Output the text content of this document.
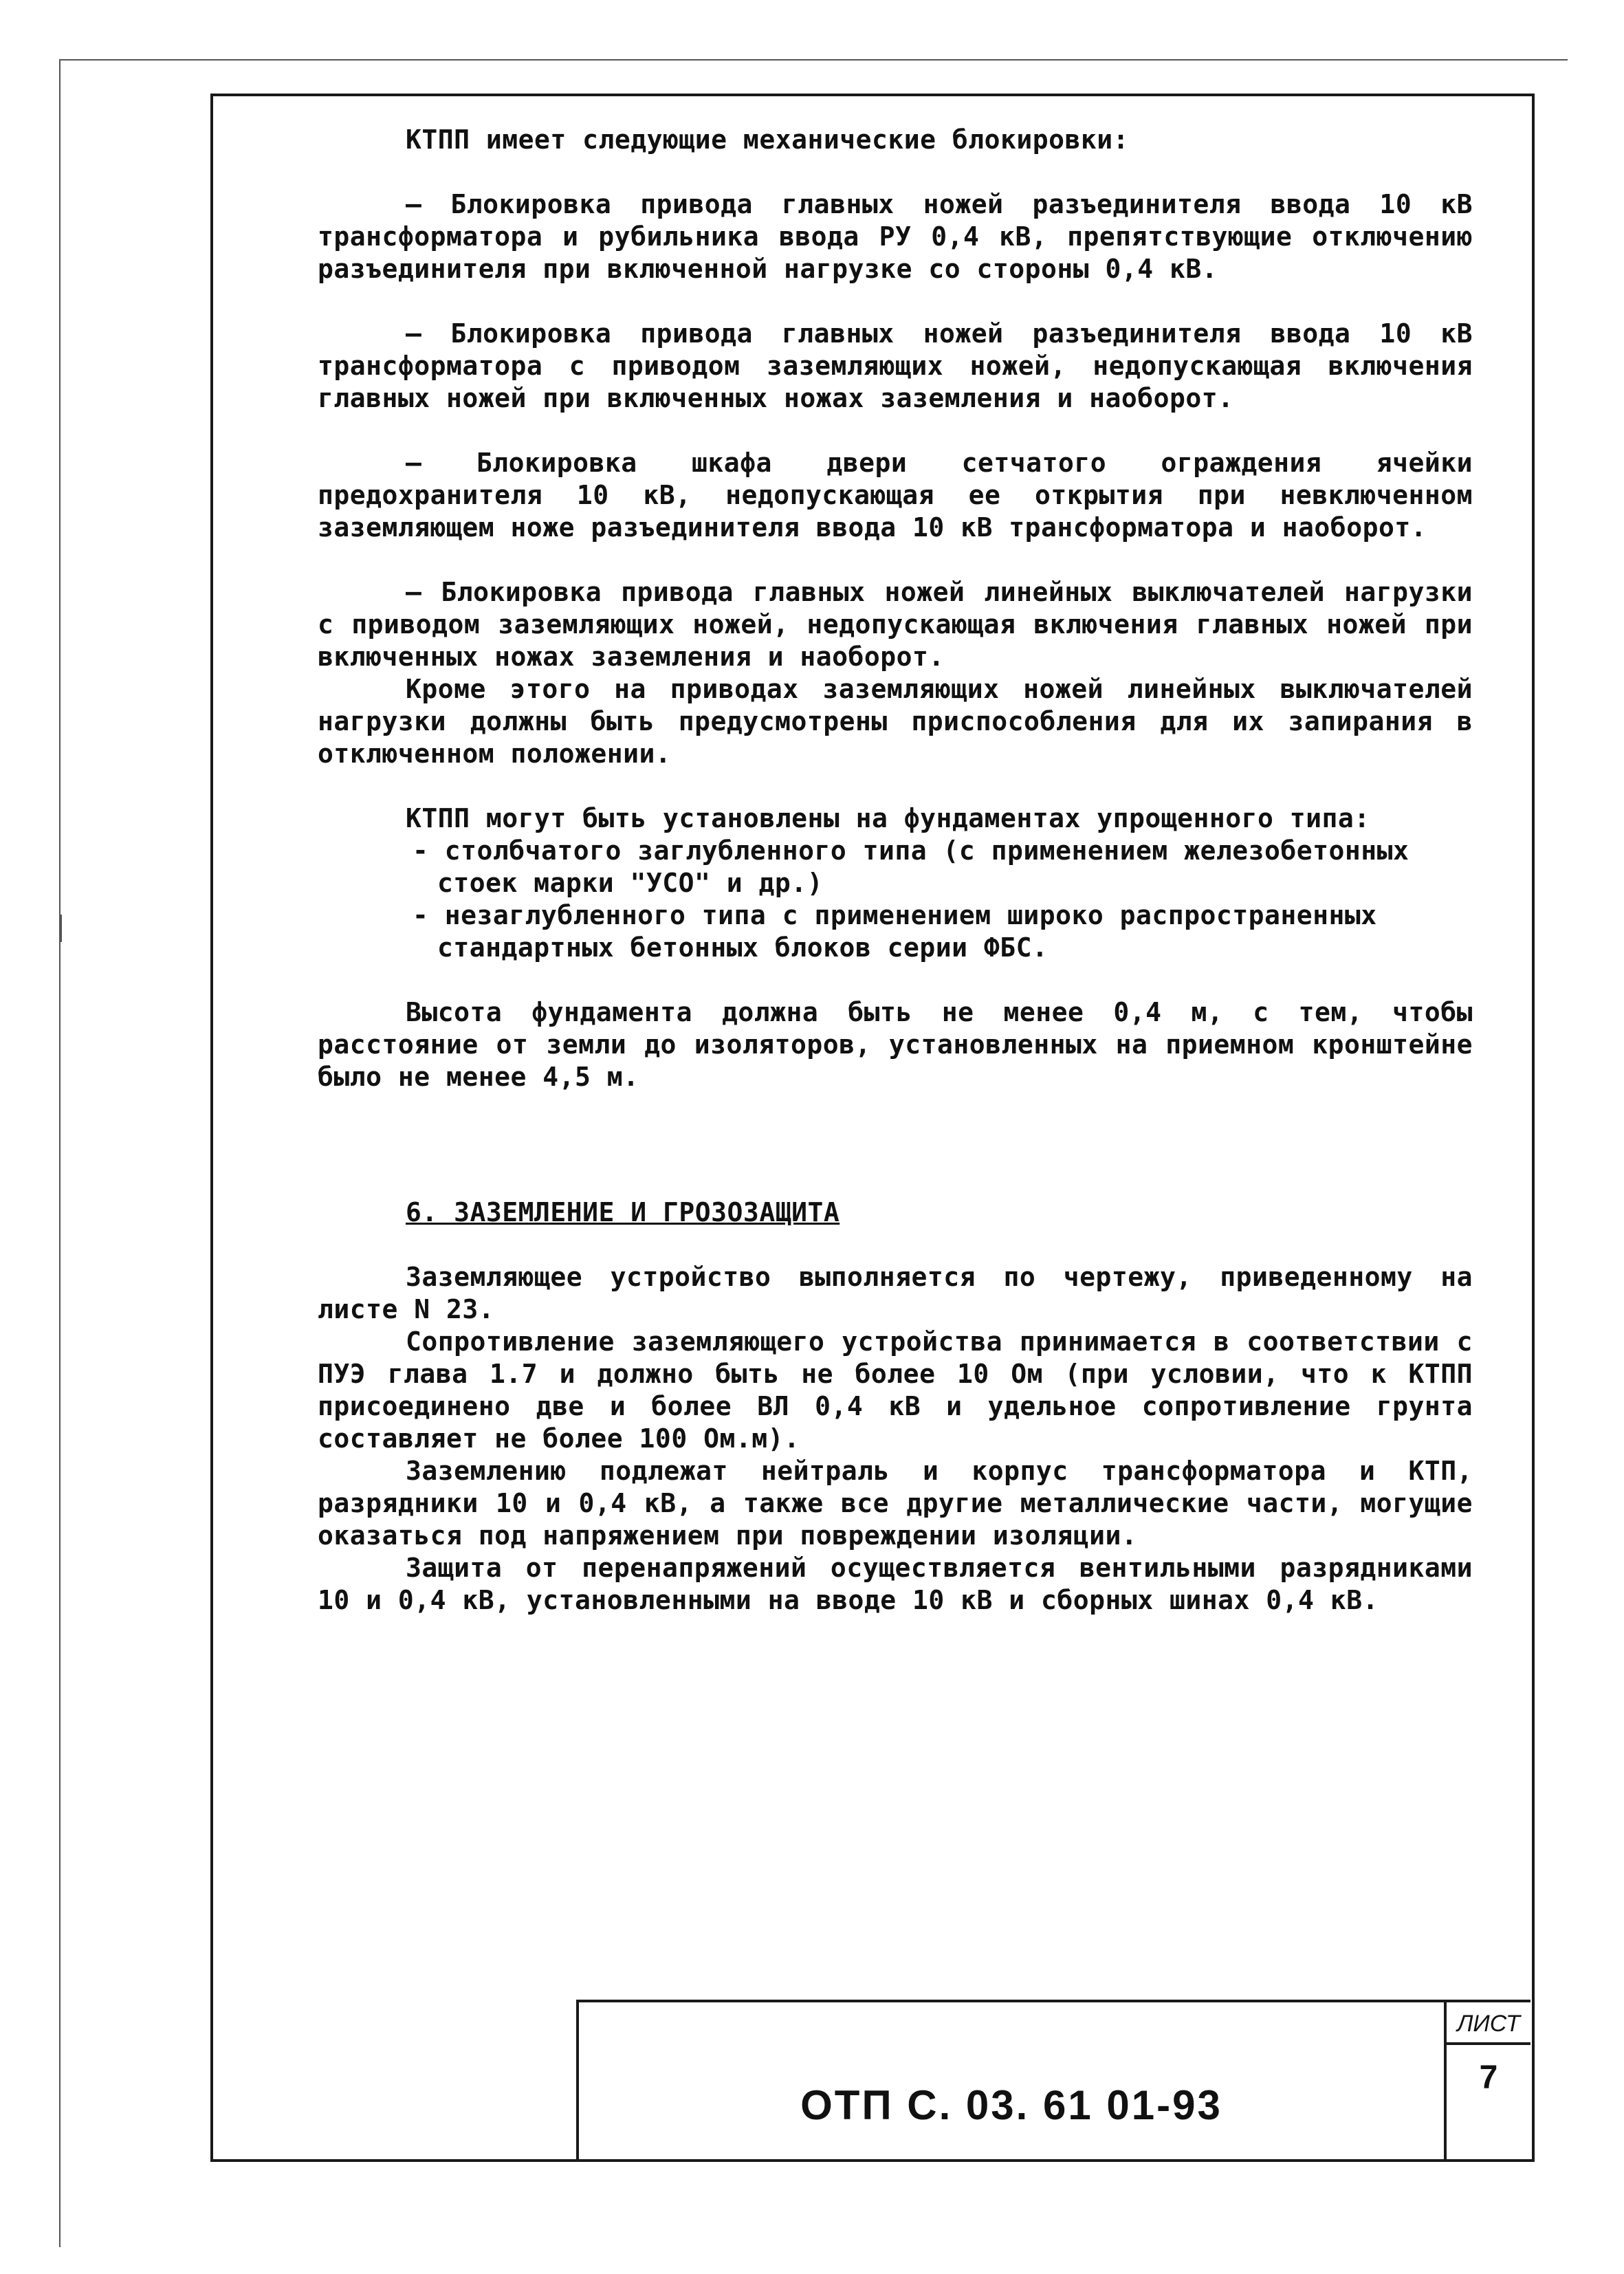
КТПП имеет следующие механические блокировки:

– Блокировка привода главных ножей разъединителя ввода 10 кВ трансформатора и рубильника ввода РУ 0,4 кВ, препятствующие отключению разъединителя при включенной нагрузке со стороны 0,4 кВ.

– Блокировка привода главных ножей разъединителя ввода 10 кВ трансформатора с приводом заземляющих ножей, недопускающая включения главных ножей при включенных ножах заземления и наоборот.

– Блокировка шкафа двери сетчатого ограждения ячейки предохранителя 10 кВ, недопускающая ее открытия при невключенном заземляющем ноже разъединителя ввода 10 кВ трансформатора и наоборот.

– Блокировка привода главных ножей линейных выключателей нагрузки с приводом заземляющих ножей, недопускающая включения главных ножей при включенных ножах заземления и наоборот.

Кроме этого на приводах заземляющих ножей линейных выключателей нагрузки должны быть предусмотрены приспособления для их запирания в отключенном положении.

КТПП могут быть установлены на фундаментах упрощенного типа:

- столбчатого заглубленного типа (с применением железобетонных стоек марки "УСО" и др.)

- незаглубленного типа с применением широко распространенных стандартных бетонных блоков серии ФБС.

Высота фундамента должна быть не менее 0,4 м, с тем, чтобы расстояние от земли до изоляторов, установленных на приемном кронштейне было не менее 4,5 м.

6. ЗАЗЕМЛЕНИЕ И ГРОЗОЗАЩИТА

Заземляющее устройство выполняется по чертежу, приведенному на листе N 23.

Сопротивление заземляющего устройства принимается в соответствии с ПУЭ глава 1.7 и должно быть не более 10 Ом (при условии, что к КТПП присоединено две и более ВЛ 0,4 кВ и удельное сопротивление грунта составляет не более 100 Ом.м).

Заземлению подлежат нейтраль и корпус трансформатора и КТП, разрядники 10 и 0,4 кВ, а также все другие металлические части, могущие оказаться под напряжением при повреждении изоляции.

Защита от перенапряжений осуществляется вентильными разрядниками 10 и 0,4 кВ, установленными на вводе 10 кВ и сборных шинах 0,4 кВ.

ОТП С. 03. 61 01-93
ЛИСТ
7
